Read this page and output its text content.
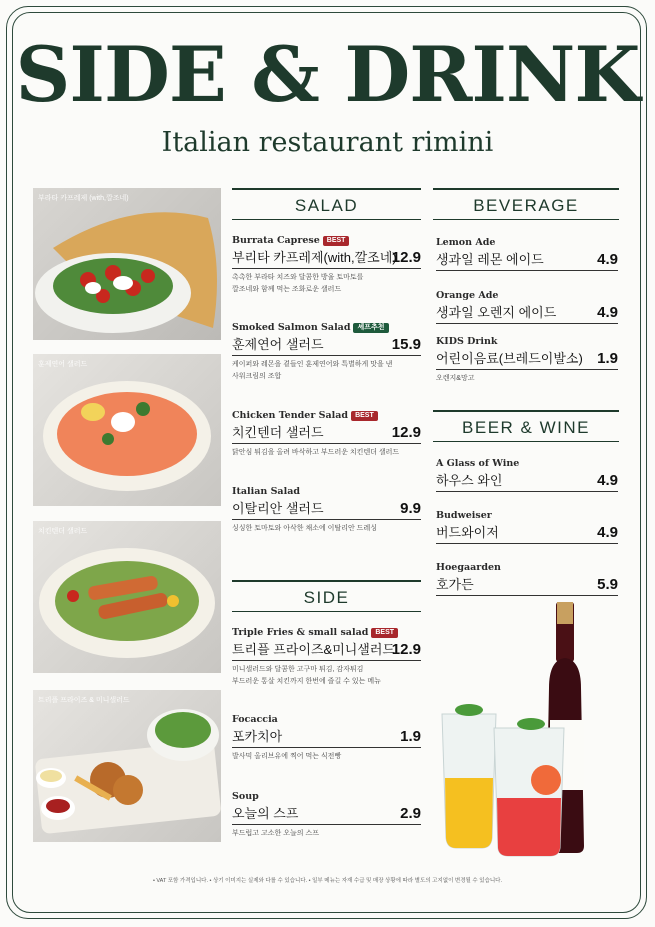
SIDE & DRINK
Italian restaurant rimini
부라타 카프레제 (with,깔조네)
훈제연어 샐러드
치킨텐더 샐러드
트리플 프라이즈 & 미니샐러드
SALAD
Burrata Caprese BEST
부리타 카프레제(with,깔조네)
12.9
촉촉한 부라타 치즈와 달콤한 방울 토마토를
깔조네와 함께 먹는 조화로운 샐러드
Smoked Salmon Salad 셰프추천
훈제연어 샐러드	15.9
케이퍼와 레몬을 곁들인 훈제연어와 특별하게 맛을 낸
사워크림의 조합
Chicken Tender Salad BEST
치킨텐더 샐러드	12.9
닭안심 튀김을 올려 바삭하고 부드러운 치킨텐더 샐러드
Italian Salad
이탈리안 샐러드	9.9
싱싱한 토마토와 아삭한 채소에 이탈리안 드레싱
SIDE
Triple Fries & small salad BEST
트리플 프라이즈&미니샐러드
12.9
미니샐러드와 달콤한 고구마 튀김, 감자튀김
부드러운 통살 치킨까지 한번에 즐길 수 있는 메뉴
Focaccia
포카치아	1.9
발사믹 올리브유에 찍어 먹는 식전빵
Soup
오늘의 스프	2.9
부드럽고 고소한 오늘의 스프
BEVERAGE
Lemon Ade
생과일 레몬 에이드	4.9
Orange Ade
생과일 오렌지 에이드	4.9
KIDS Drink
어린이음료(브레드이발소) 1.9
오렌지&망고
BEER & WINE
A Glass of Wine
하우스 와인	4.9
Budweiser
버드와이저	4.9
Hoegaarden
호가든	5.9
• VAT 포함 가격입니다. • 상기 이미지는 실제와 다를 수 있습니다. • 일부 메뉴는 자재 수급 및 매장 상황에 따라 별도의 고지없이 변경될 수 있습니다.
